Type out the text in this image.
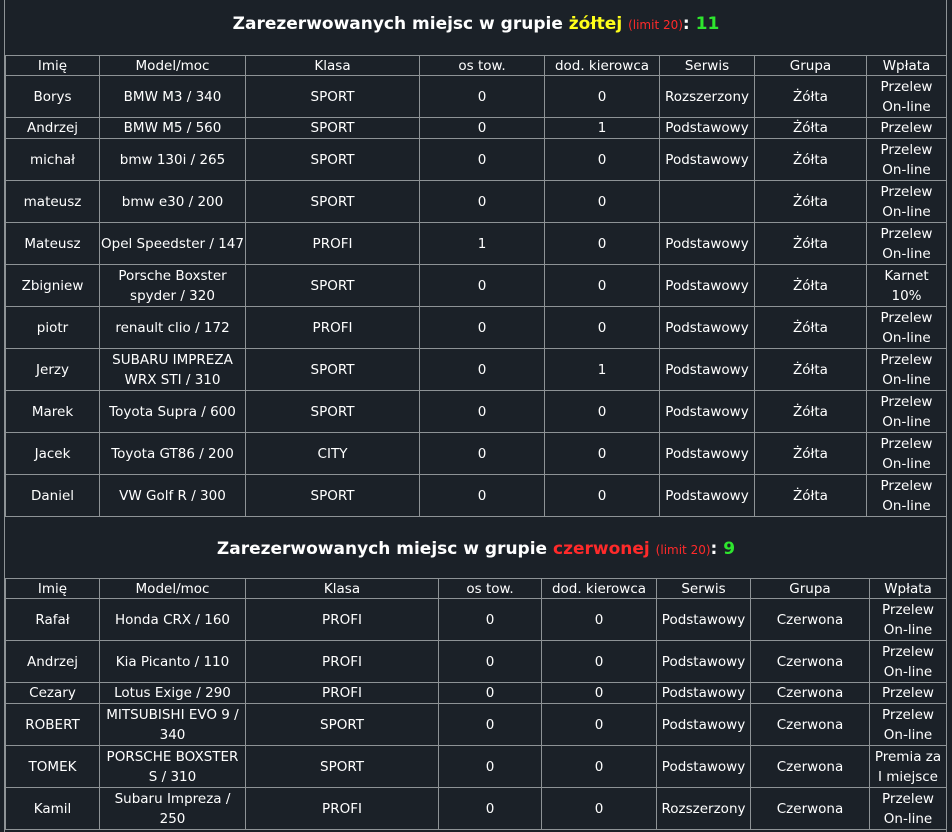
Zarezerwowanych miejsc w grupie żółtej (limit 20): 11
Imię	Model/moc	Klasa	os tow.	dod. kierowca	Serwis	Grupa	Wpłata
Borys	BMW M3 / 340	SPORT	0	0	Rozszerzony	Żółta	Przelew On-line
Andrzej	BMW M5 / 560	SPORT	0	1	Podstawowy	Żółta	Przelew
michał	bmw 130i / 265	SPORT	0	0	Podstawowy	Żółta	Przelew On-line
mateusz	bmw e30 / 200	SPORT	0	0		Żółta	Przelew On-line
Mateusz	Opel Speedster / 147	PROFI	1	0	Podstawowy	Żółta	Przelew On-line
Zbigniew	Porsche Boxster spyder / 320	SPORT	0	0	Podstawowy	Żółta	Karnet 10%
piotr	renault clio / 172	PROFI	0	0	Podstawowy	Żółta	Przelew On-line
Jerzy	SUBARU IMPREZA WRX STI / 310	SPORT	0	1	Podstawowy	Żółta	Przelew On-line
Marek	Toyota Supra / 600	SPORT	0	0	Podstawowy	Żółta	Przelew On-line
Jacek	Toyota GT86 / 200	CITY	0	0	Podstawowy	Żółta	Przelew On-line
Daniel	VW Golf R / 300	SPORT	0	0	Podstawowy	Żółta	Przelew On-line
Zarezerwowanych miejsc w grupie czerwonej (limit 20): 9
Imię	Model/moc	Klasa	os tow.	dod. kierowca	Serwis	Grupa	Wpłata
Rafał	Honda CRX / 160	PROFI	0	0	Podstawowy	Czerwona	Przelew On-line
Andrzej	Kia Picanto / 110	PROFI	0	0	Podstawowy	Czerwona	Przelew On-line
Cezary	Lotus Exige / 290	PROFI	0	0	Podstawowy	Czerwona	Przelew
ROBERT	MITSUBISHI EVO 9 / 340	SPORT	0	0	Podstawowy	Czerwona	Przelew On-line
TOMEK	PORSCHE BOXSTER S / 310	SPORT	0	0	Podstawowy	Czerwona	Premia za I miejsce
Kamil	Subaru Impreza / 250	PROFI	0	0	Rozszerzony	Czerwona	Przelew On-line
